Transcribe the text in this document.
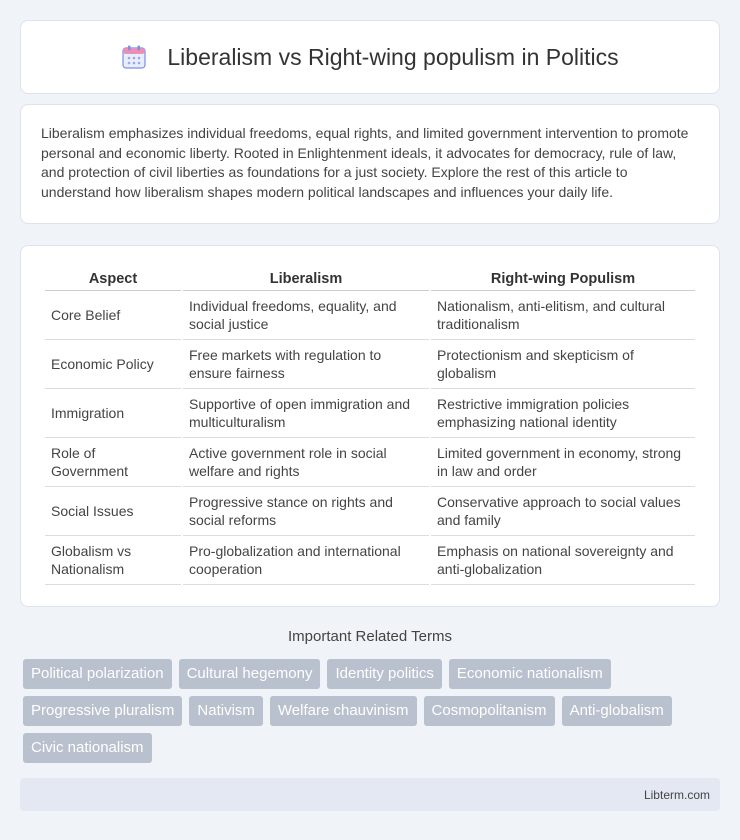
Liberalism vs Right-wing populism in Politics

Liberalism emphasizes individual freedoms, equal rights, and limited government intervention to promote personal and economic liberty. Rooted in Enlightenment ideals, it advocates for democracy, rule of law, and protection of civil liberties as foundations for a just society. Explore the rest of this article to understand how liberalism shapes modern political landscapes and influences your daily life.

Aspect	Liberalism	Right-wing Populism
Core Belief	Individual freedoms, equality, and social justice	Nationalism, anti-elitism, and cultural traditionalism
Economic Policy	Free markets with regulation to ensure fairness	Protectionism and skepticism of globalism
Immigration	Supportive of open immigration and multiculturalism	Restrictive immigration policies emphasizing national identity
Role of Government	Active government role in social welfare and rights	Limited government in economy, strong in law and order
Social Issues	Progressive stance on rights and social reforms	Conservative approach to social values and family
Globalism vs Nationalism	Pro-globalization and international cooperation	Emphasis on national sovereignty and anti-globalization
Important Related Terms
Political polarization	Cultural hegemony	Identity politics	Economic nationalism
Progressive pluralism	Nativism	Welfare chauvinism	Cosmopolitanism	Anti-globalism
Civic nationalism
Libterm.com
